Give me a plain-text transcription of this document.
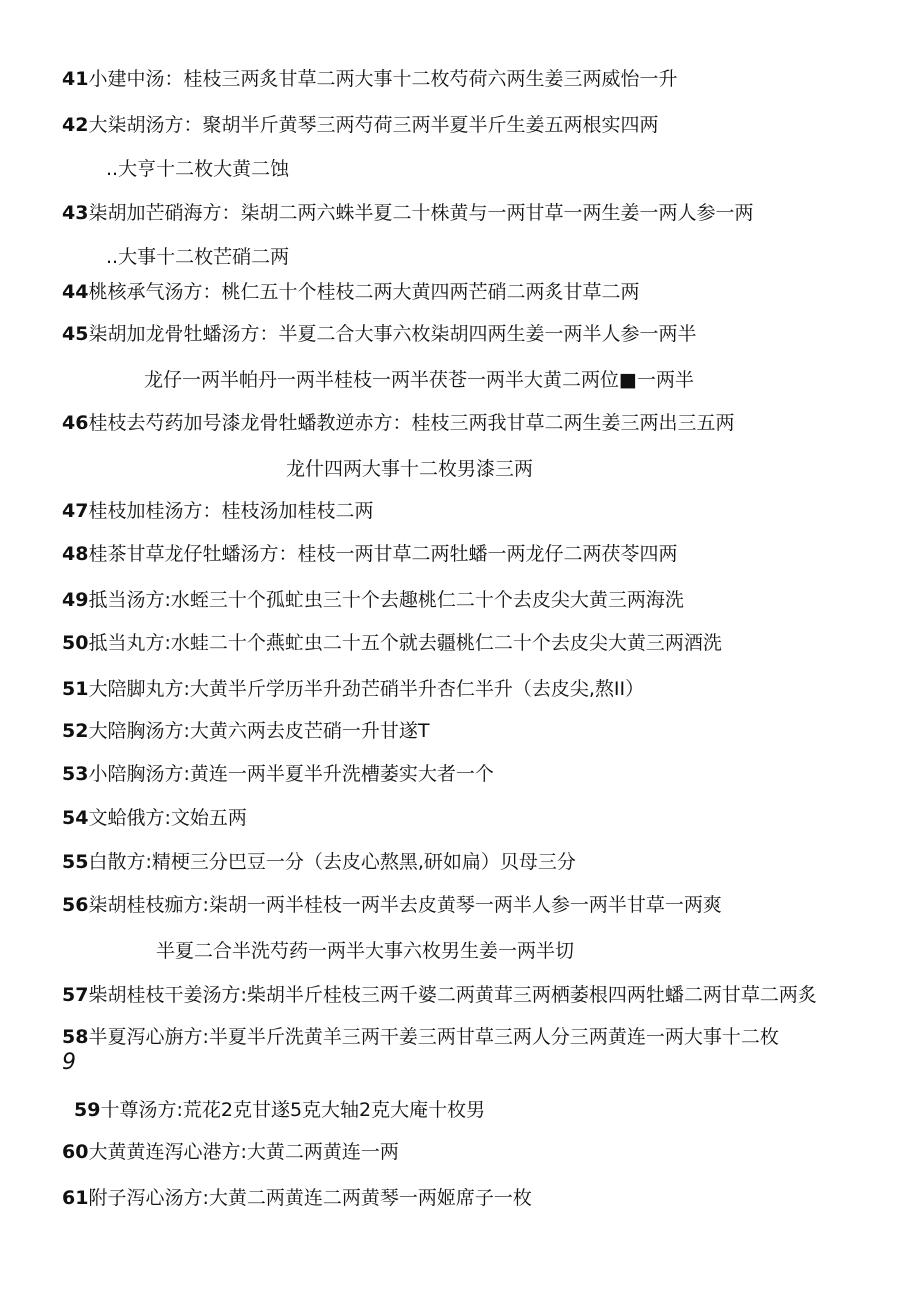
41小建中汤：桂枝三两炙甘草二两大事十二枚芍荷六两生姜三两威怡一升
42大柒胡汤方：聚胡半斤黄琴三两芍荷三两半夏半斤生姜五两根实四两
..大亨十二枚大黄二蚀
43柒胡加芒硝海方：柒胡二两六蛛半夏二十株黄与一两甘草一两生姜一两人参一两
..大事十二枚芒硝二两
44桃核承气汤方：桃仁五十个桂枝二两大黄四两芒硝二两炙甘草二两
45柒胡加龙骨牡蟠汤方：半夏二合大事六枚柒胡四两生姜一两半人参一两半
龙仔一两半帕丹一两半桂枝一两半茯苍一两半大黄二两位■一两半
46桂枝去芍药加号漆龙骨牡蟠教逆赤方：桂枝三两我甘草二两生姜三两出三五两
龙什四两大事十二枚男漆三两
47桂枝加桂汤方：桂枝汤加桂枝二两
48桂茶甘草龙仔牡蟠汤方：桂枝一两甘草二两牡蟠一两龙仔二两茯苓四两
49抵当汤方:水蛭三十个孤虻虫三十个去趣桃仁二十个去皮尖大黄三两海洗
50抵当丸方:水蛙二十个燕虻虫二十五个就去疆桃仁二十个去皮尖大黄三两酒洗
51大陪脚丸方:大黄半斤学历半升劲芒硝半升杏仁半升（去皮尖,熬II）
52大陪胸汤方:大黄六两去皮芒硝一升甘遂T
53小陪胸汤方:黄连一两半夏半升洗槽萎实大者一个
54文蛤俄方:文始五两
55白散方:精梗三分巴豆一分（去皮心熬黑,研如扁）贝母三分
56柒胡桂枝痂方:柒胡一两半桂枝一两半去皮黄琴一两半人参一两半甘草一两爽
半夏二合半洗芍药一两半大事六枚男生姜一两半切
57柴胡桂枝干姜汤方:柴胡半斤桂枝三两千婆二两黄茸三两栖萎根四两牡蟠二两甘草二两炙
58半夏泻心旃方:半夏半斤洗黄羊三两干姜三两甘草三两人分三两黄连一两大事十二枚
9
59十尊汤方:荒花2克甘遂5克大轴2克大庵十枚男
60大黄黄连泻心港方:大黄二两黄连一两
61附子泻心汤方:大黄二两黄连二两黄琴一两姬席子一枚
